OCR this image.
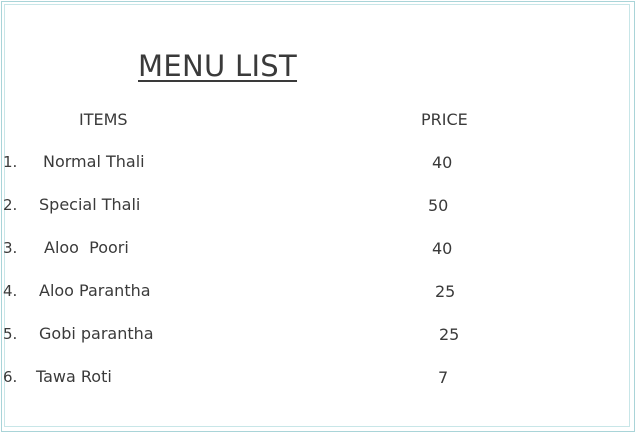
MENU LIST
ITEMS	PRICE
1. Normal Thali	40
2. Special Thali	50
3. Aloo  Poori	40
4. Aloo Parantha	25
5. Gobi parantha	25
6. Tawa Roti	7
